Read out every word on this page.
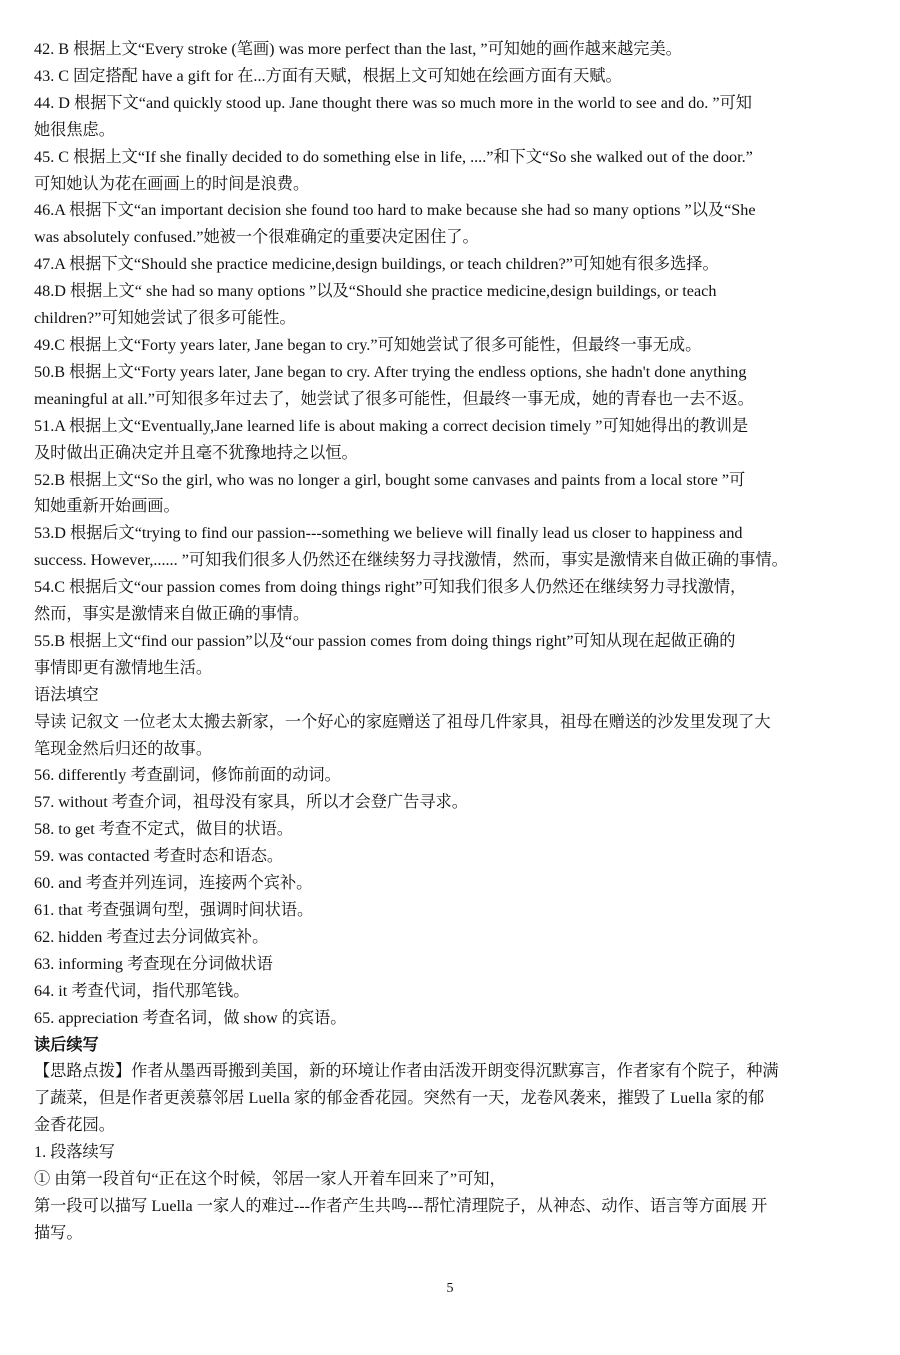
42. B 根据上文“Every stroke (笔画) was more perfect than the last, ”可知她的画作越来越完美。
43. C 固定搭配 have a gift for 在...方面有天赋，根据上文可知她在绘画方面有天赋。
44. D 根据下文“and quickly stood up. Jane thought there was so much more in the world to see and do. ”可知
她很焦虑。
45. C 根据上文“If she finally decided to do something else in life, ....”和下文“So she walked out of the door.”
可知她认为花在画画上的时间是浪费。
46.A 根据下文“an important decision she found too hard to make because she had so many options ”以及“She
was absolutely confused.”她被一个很难确定的重要决定困住了。
47.A 根据下文“Should she practice medicine,design buildings, or teach children?”可知她有很多选择。
48.D 根据上文“ she had so many options ”以及“Should she practice medicine,design buildings, or teach
children?”可知她尝试了很多可能性。
49.C 根据上文“Forty years later, Jane began to cry.”可知她尝试了很多可能性，但最终一事无成。
50.B 根据上文“Forty years later, Jane began to cry. After trying the endless options, she hadn't done anything
meaningful at all.”可知很多年过去了，她尝试了很多可能性，但最终一事无成，她的青春也一去不返。
51.A 根据上文“Eventually,Jane learned life is about making a correct decision timely ”可知她得出的教训是
及时做出正确决定并且毫不犹豫地持之以恒。
52.B 根据上文“So the girl, who was no longer a girl, bought some canvases and paints from a local store ”可
知她重新开始画画。
53.D 根据后文“trying to find our passion---something we believe will finally lead us closer to happiness and
success. However,...... ”可知我们很多人仍然还在继续努力寻找激情，然而，事实是激情来自做正确的事情。
54.C 根据后文“our passion comes from doing things right”可知我们很多人仍然还在继续努力寻找激情，
然而，事实是激情来自做正确的事情。
55.B 根据上文“find our passion”以及“our passion comes from doing things right”可知从现在起做正确的
事情即更有激情地生活。
语法填空
导读 记叙文 一位老太太搬去新家，一个好心的家庭赠送了祖母几件家具，祖母在赠送的沙发里发现了大
笔现金然后归还的故事。
56. differently 考查副词，修饰前面的动词。
57. without 考查介词，祖母没有家具，所以才会登广告寻求。
58. to get 考查不定式，做目的状语。
59. was contacted 考查时态和语态。
60. and 考查并列连词，连接两个宾补。
61. that 考查强调句型，强调时间状语。
62. hidden 考查过去分词做宾补。
63. informing 考查现在分词做状语
64. it 考查代词，指代那笔钱。
65. appreciation 考查名词，做 show 的宾语。
读后续写
【思路点拨】作者从墨西哥搬到美国，新的环境让作者由活泼开朗变得沉默寡言，作者家有个院子，种满
了蔬菜，但是作者更羡慕邻居 Luella 家的郁金香花园。突然有一天，龙卷风袭来，摧毁了 Luella 家的郁
金香花园。
1. 段落续写
① 由第一段首句“正在这个时候，邻居一家人开着车回来了”可知，
第一段可以描写 Luella 一家人的难过---作者产生共鸣---帮忙清理院子，从神态、动作、语言等方面展 开
描写。
5
